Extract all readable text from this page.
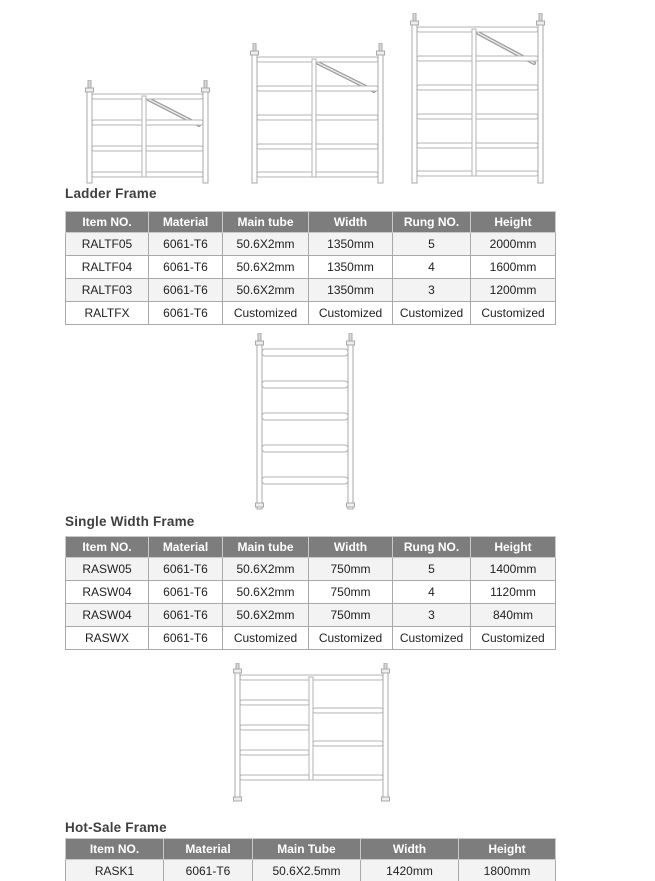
Ladder Frame
Item NO.	Material	Main tube	Width	Rung NO.	Height
RALTF05	6061-T6	50.6X2mm	1350mm	5	2000mm
RALTF04	6061-T6	50.6X2mm	1350mm	4	1600mm
RALTF03	6061-T6	50.6X2mm	1350mm	3	1200mm
RALTFX	6061-T6	Customized	Customized	Customized	Customized
Single Width Frame
Item NO.	Material	Main tube	Width	Rung NO.	Height
RASW05	6061-T6	50.6X2mm	750mm	5	1400mm
RASW04	6061-T6	50.6X2mm	750mm	4	1120mm
RASW04	6061-T6	50.6X2mm	750mm	3	840mm
RASWX	6061-T6	Customized	Customized	Customized	Customized
Hot-Sale Frame
Item NO.	Material	Main Tube	Width	Height
RASK1	6061-T6	50.6X2.5mm	1420mm	1800mm
